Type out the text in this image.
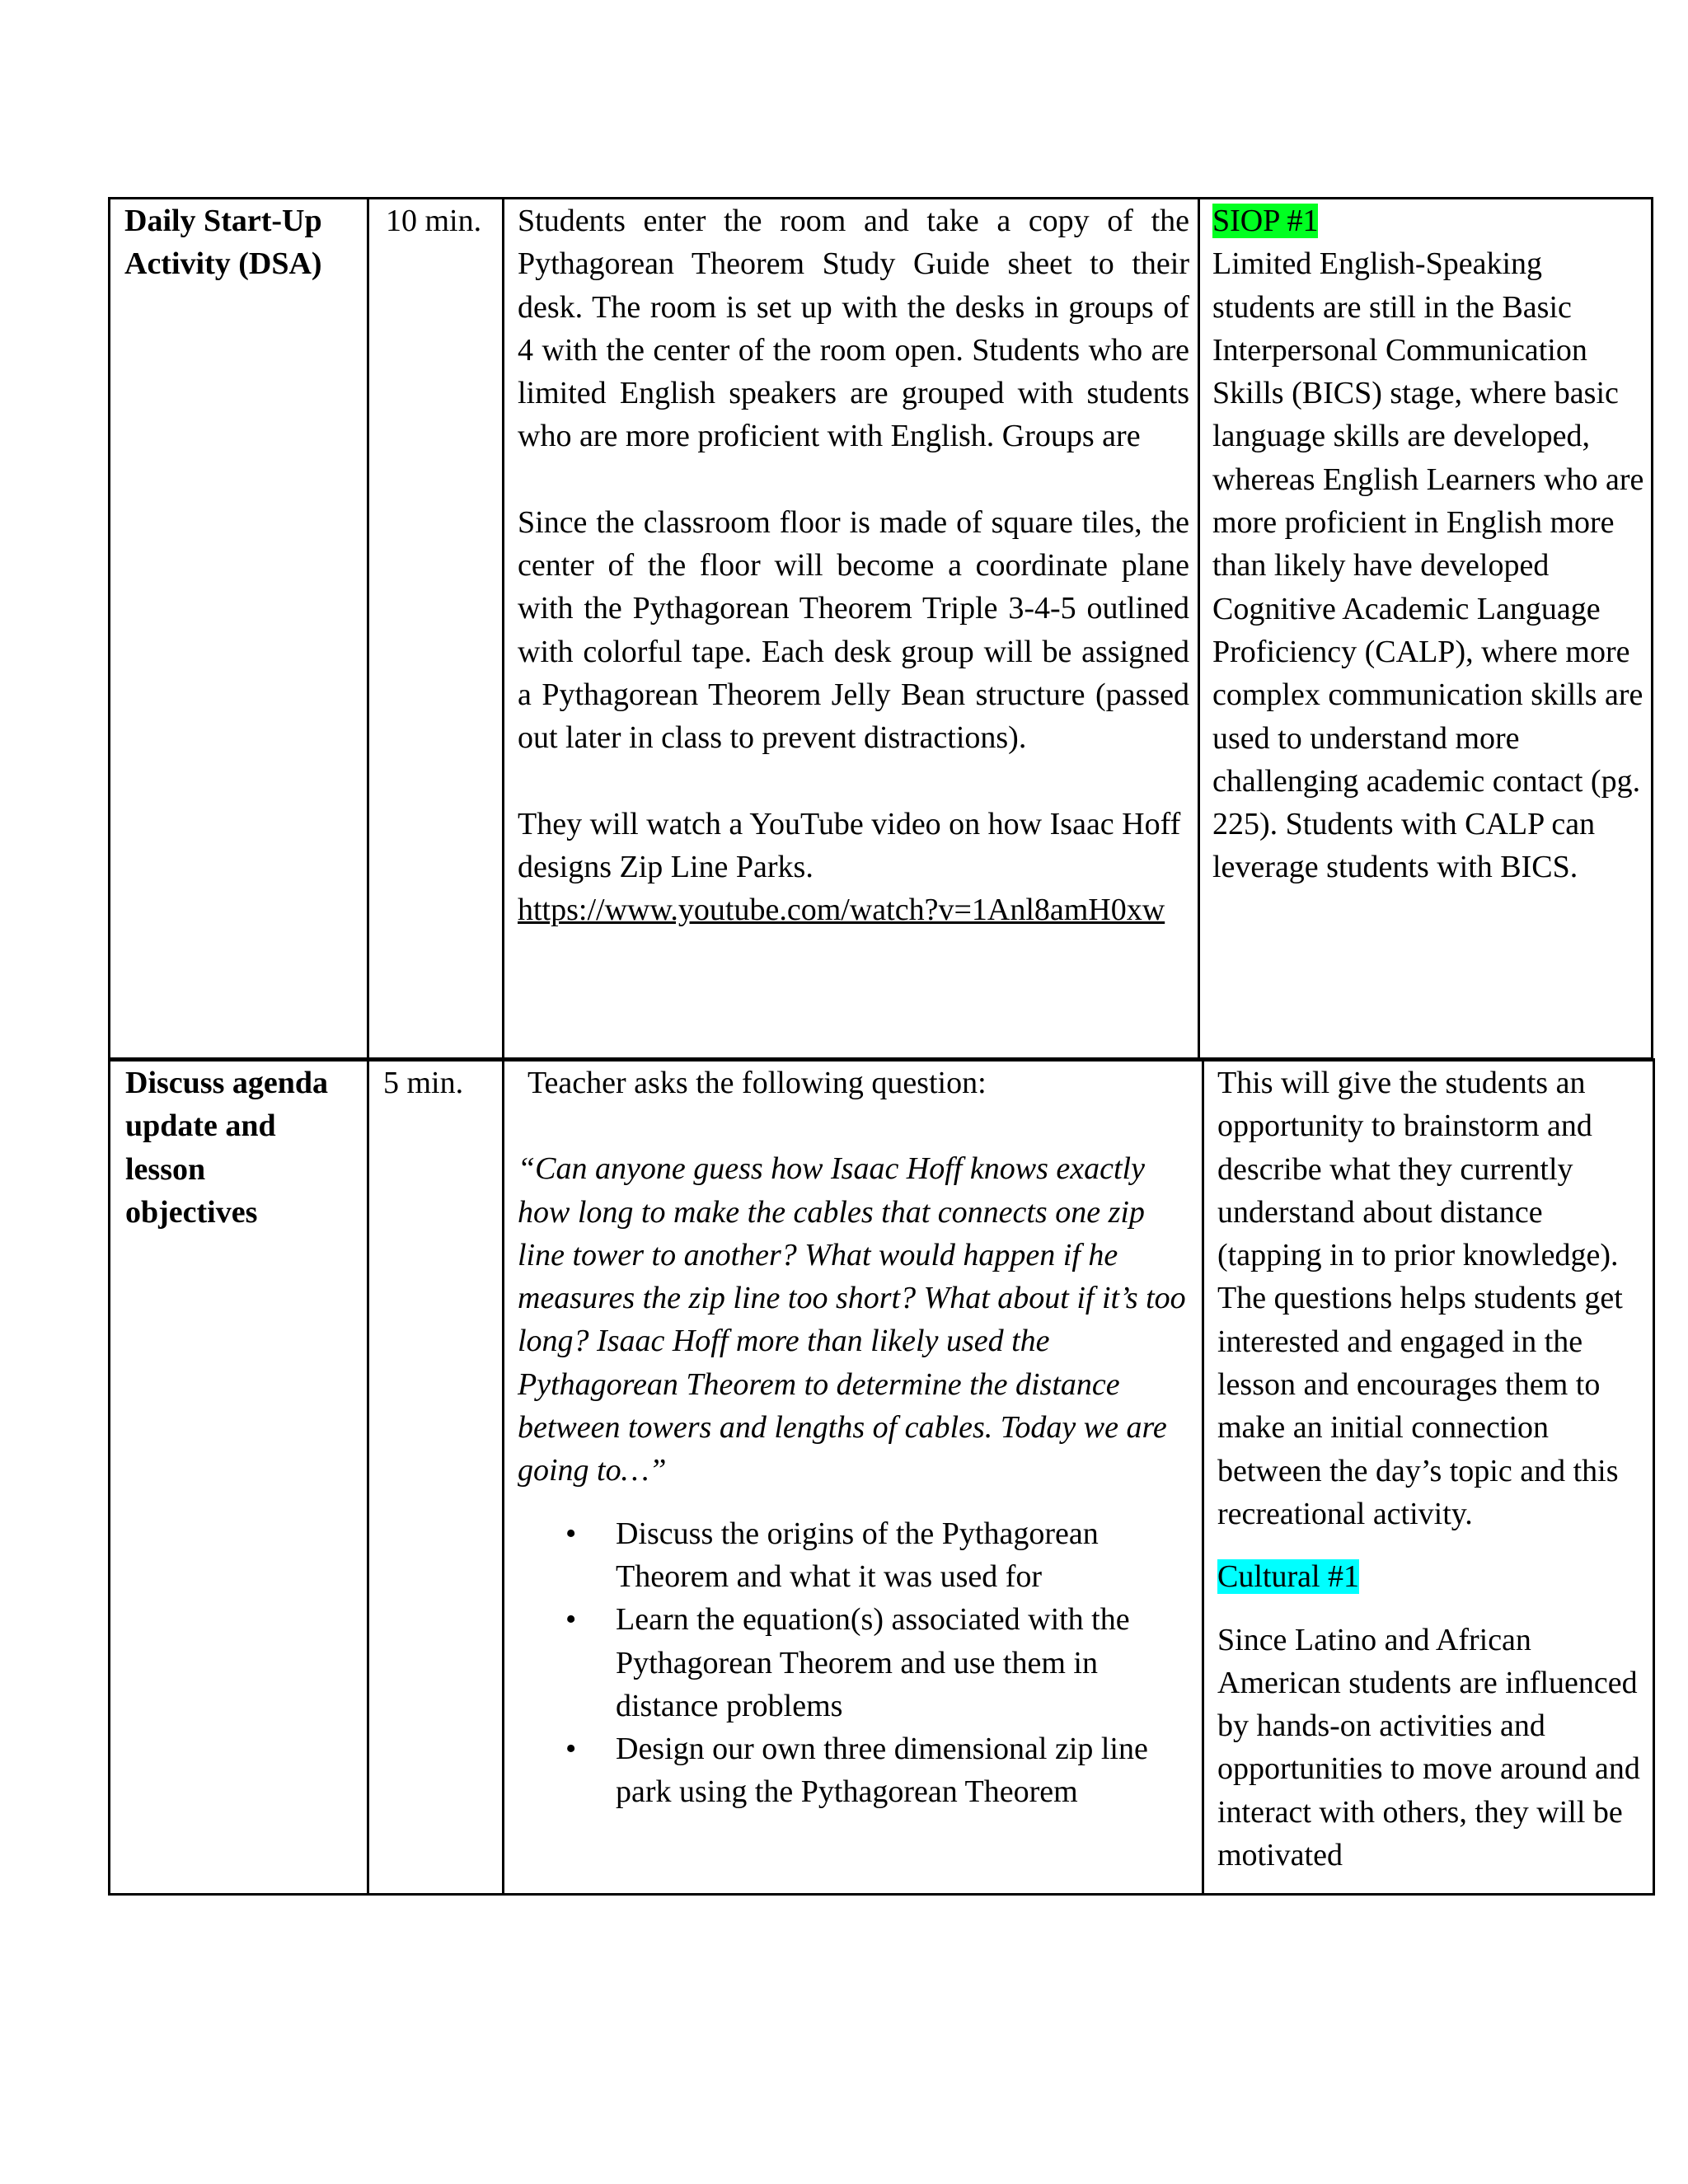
Daily Start-Up Activity (DSA)
10 min.	Students enter the room and take a copy of the Pythagorean Theorem Study Guide sheet to their desk. The room is set up with the desks in groups of 4 with the center of the room open. Students who are limited English speakers are grouped with students who are more proficient with English. Groups are

Since the classroom floor is made of square tiles, the center of the floor will become a coordinate plane with the Pythagorean Theorem Triple 3-4-5 outlined with colorful tape. Each desk group will be assigned a Pythagorean Theorem Jelly Bean structure (passed out later in class to prevent distractions).

They will watch a YouTube video on how Isaac Hoff designs Zip Line Parks.

https://www.youtube.com/watch?v=1Anl8amH0xw

SIOP #1

Limited English-Speaking students are still in the Basic Interpersonal Communication Skills (BICS) stage, where basic language skills are developed, whereas English Learners who are more proficient in English more than likely have developed Cognitive Academic Language Proficiency (CALP), where more complex communication skills are used to understand more challenging academic contact (pg. 225). Students with CALP can leverage students with BICS.

Discuss agenda update and lesson objectives
5 min.	Teacher asks the following question:

“Can anyone guess how Isaac Hoff knows exactly how long to make the cables that connects one zip line tower to another? What would happen if he measures the zip line too short? What about if it’s too long? Isaac Hoff more than likely used the Pythagorean Theorem to determine the distance between towers and lengths of cables. Today we are going to…”

• Discuss the origins of the Pythagorean Theorem and what it was used for
• Learn the equation(s) associated with the Pythagorean Theorem and use them in distance problems
• Design our own three dimensional zip line park using the Pythagorean Theorem

This will give the students an opportunity to brainstorm and describe what they currently understand about distance (tapping in to prior knowledge). The questions helps students get interested and engaged in the lesson and encourages them to make an initial connection between the day’s topic and this recreational activity.

Cultural #1

Since Latino and African American students are influenced by hands-on activities and opportunities to move around and interact with others, they will be motivated
